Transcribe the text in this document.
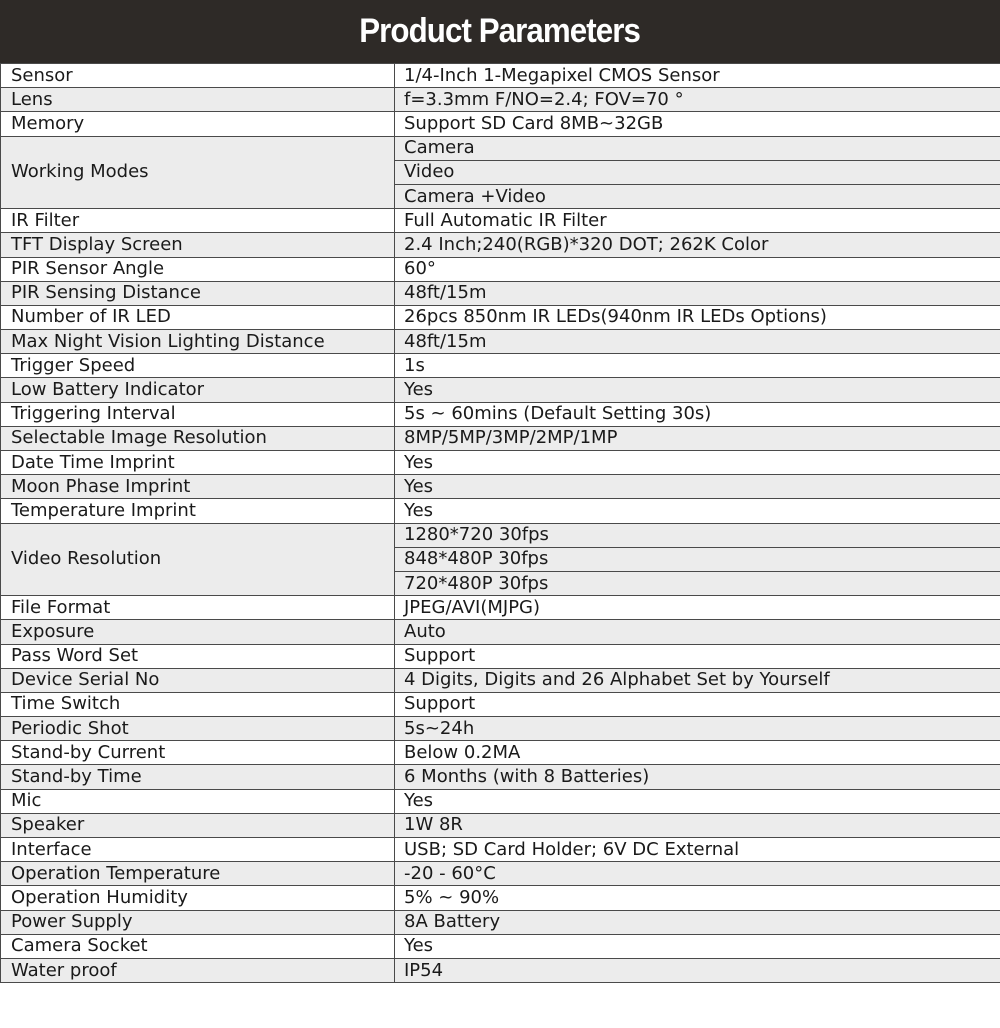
Product Parameters
Sensor	1/4-Inch 1-Megapixel CMOS Sensor
Lens	f=3.3mm F/NO=2.4; FOV=70 °
Memory	Support SD Card 8MB~32GB
Working Modes	Camera
	Video
	Camera +Video
IR Filter	Full Automatic IR Filter
TFT Display Screen	2.4 Inch;240(RGB)*320 DOT; 262K Color
PIR Sensor Angle	60°
PIR Sensing Distance	48ft/15m
Number of IR LED	26pcs 850nm IR LEDs(940nm IR LEDs Options)
Max Night Vision Lighting Distance	48ft/15m
Trigger Speed	1s
Low Battery Indicator	Yes
Triggering Interval	5s ~ 60mins (Default Setting 30s)
Selectable Image Resolution	8MP/5MP/3MP/2MP/1MP
Date Time Imprint	Yes
Moon Phase Imprint	Yes
Temperature Imprint	Yes
Video Resolution	1280*720 30fps
	848*480P 30fps
	720*480P 30fps
File Format	JPEG/AVI(MJPG)
Exposure	Auto
Pass Word Set	Support
Device Serial No	4 Digits, Digits and 26 Alphabet Set by Yourself
Time Switch	Support
Periodic Shot	5s~24h
Stand-by Current	Below 0.2MA
Stand-by Time	6 Months (with 8 Batteries)
Mic	Yes
Speaker	1W 8R
Interface	USB; SD Card Holder; 6V DC External
Operation Temperature	-20 - 60°C
Operation Humidity	5% ~ 90%
Power Supply	8A Battery
Camera Socket	Yes
Water proof	IP54
